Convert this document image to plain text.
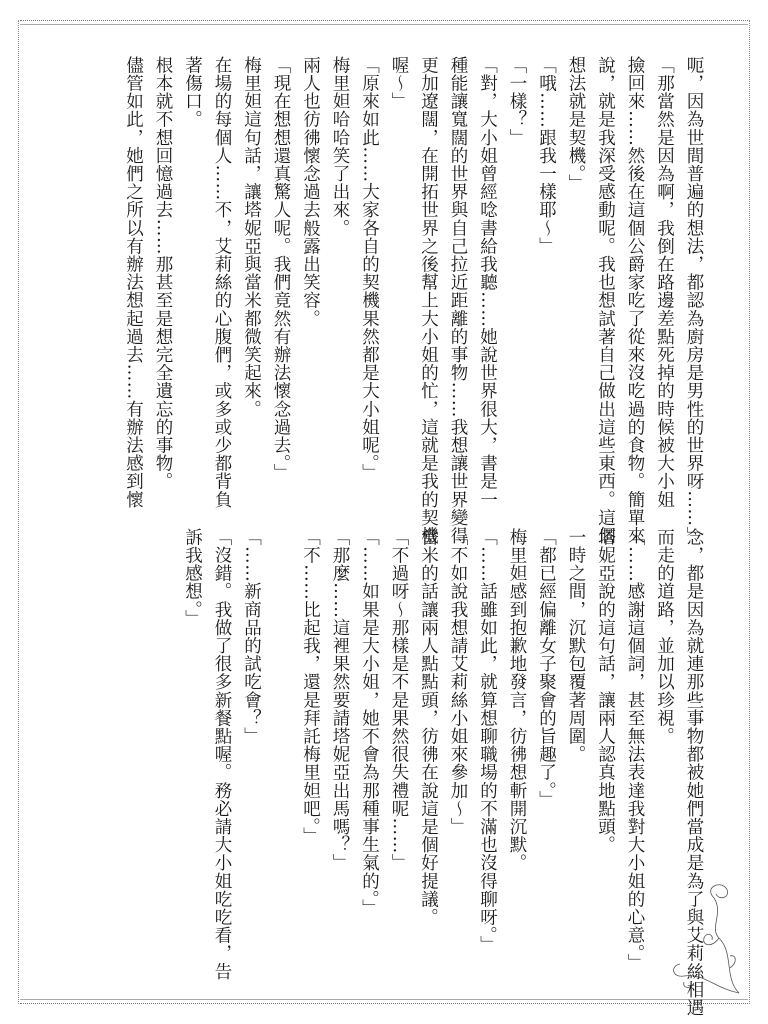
呃，因為世間普遍的想法，都認為廚房是男性的世界呀……」
「那當然是因為啊，我倒在路邊差點死掉的時候被大小姐
撿回來……然後在這個公爵家吃了從來沒吃過的食物。簡單來
說，就是我深受感動呢。我也想試著自己做出這些東西。這個
想法就是契機。」
「哦……跟我一樣耶～」
「一樣？」
「對，大小姐曾經唸書給我聽……她說世界很大，書是一
種能讓寬闊的世界與自己拉近距離的事物……我想讓世界變得
更加遼闊，在開拓世界之後幫上大小姐的忙，這就是我的契機
喔～」
「原來如此……大家各自的契機果然都是大小姐呢。」
梅里妲哈哈笑了出來。
兩人也彷彿懷念過去般露出笑容。
「現在想想還真驚人呢。我們竟然有辦法懷念過去。」
梅里妲這句話，讓塔妮亞與當米都微笑起來。
在場的每個人……不，艾莉絲的心腹們，或多或少都背負
著傷口。
根本就不想回憶過去……那甚至是想完全遺忘的事物。
儘管如此，她們之所以有辦法想起過去……有辦法感到懷
念，都是因為就連那些事物都被她們當成是為了與艾莉絲相遇
而走的道路，並加以珍視。
「……感謝這個詞，甚至無法表達我對大小姐的心意。」
塔妮亞說的這句話，讓兩人認真地點頭。
一時之間，沉默包覆著周圍。
「都已經偏離女子聚會的旨趣了。」
梅里妲感到抱歉地發言，彷彿想斬開沉默。
「……話雖如此，就算想聊職場的不滿也沒得聊呀。」
「不如說我想請艾莉絲小姐來參加～」
當米的話讓兩人點點頭，彷彿在說這是個好提議。
「不過呀～那樣是不是果然很失禮呢……」
「……如果是大小姐，她不會為那種事生氣的。」
「那麼……這裡果然要請塔妮亞出馬嗎？」
「不……比起我，還是拜託梅里妲吧。」
「……新商品的試吃會？」
「沒錯。我做了很多新餐點喔。務必請大小姐吃吃看，告
訴我感想。」
